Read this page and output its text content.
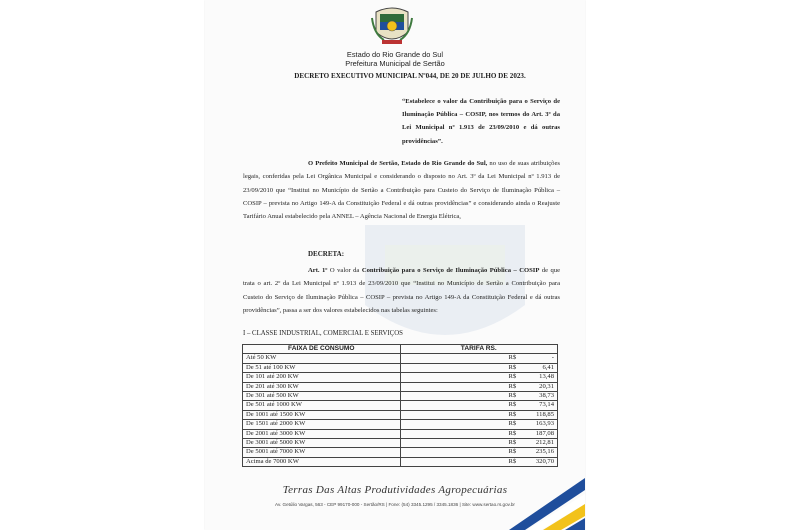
Estado do Rio Grande do Sul
Prefeitura Municipal de Sertão
DECRETO EXECUTIVO MUNICIPAL Nº044, DE 20 DE JULHO DE 2023.
“Estabelece o valor da Contribuição para o Serviço de Iluminação Pública – COSIP, nos termos do Art. 3º da Lei Municipal nº 1.913 de 23/09/2010 e dá outras providências”.
O Prefeito Municipal de Sertão, Estado do Rio Grande do Sul, no uso de suas atribuições legais, conferidas pela Lei Orgânica Municipal e considerando o disposto no Art. 3º da Lei Municipal nº 1.913 de 23/09/2010 que “Institui no Município de Sertão a Contribuição para Custeio do Serviço de Iluminação Pública – COSIP – prevista no Artigo 149-A da Constituição Federal e dá outras providências” e considerando ainda o Reajuste Tarifário Anual estabelecido pela ANNEL – Agência Nacional de Energia Elétrica,
DECRETA:
Art. 1º O valor da Contribuição para o Serviço de Iluminação Pública – COSIP de que trata o art. 2º da Lei Municipal nº 1.913 de 23/09/2010 que “Institui no Município de Sertão a Contribuição para Custeio do Serviço de Iluminação Pública – COSIP – prevista no Artigo 149-A da Constituição Federal e dá outras providências”, passa a ser dos valores estabelecidos nas tabelas seguintes:
I – CLASSE INDUSTRIAL, COMERCIAL E SERVIÇOS
FAIXA DE CONSUMO	TARIFA RS.
Até 50 KW	R$ -

De 51 até 100 KW	R$ 6,41

De 101 até 200 KW	R$ 13,48

De 201 até 300 KW	R$ 20,31

De 301 até 500 KW	R$ 38,73

De 501 até 1000 KW	R$ 73,14

De 1001 até 1500 KW	R$ 118,85

De 1501 até 2000 KW	R$ 163,93

De 2001 até 3000 KW	R$ 187,08

De 3001 até 5000 KW	R$ 212,81

De 5001 até 7000 KW	R$ 235,16

Acima de 7000 KW	R$ 320,70
Terras Das Altas Produtividades Agropecuárias
Av. Getúlio Vargas, 563 - CEP 99170-000 - Sertão/RS | Fone: (54) 3345.1295 / 3345.1836 | Site: www.sertao.rs.gov.br
